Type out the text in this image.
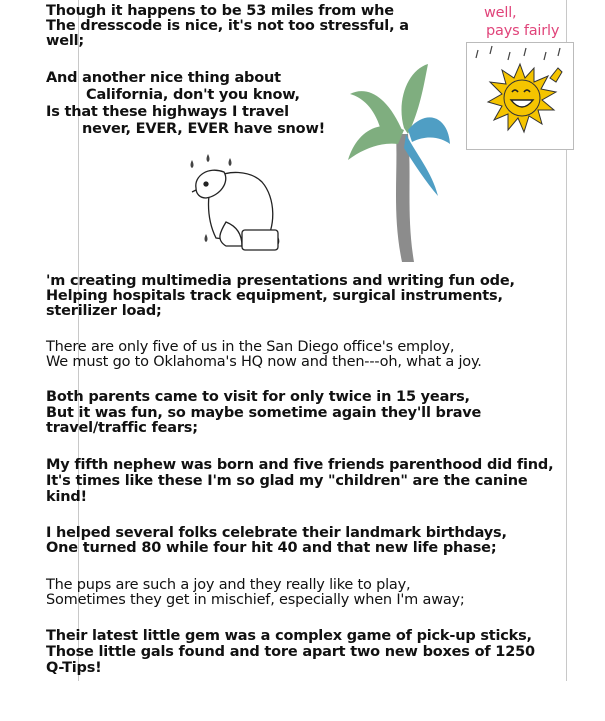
Though it happens to be 53 miles from whe
The dresscode is nice, it's not too stressful, a
well;
And another nice thing about
California, don't you know,
Is that these highways I travel
never, EVER, EVER have snow!
well,
pays fairly
'm creating multimedia presentations and writing fun ode,
Helping hospitals track equipment, surgical instruments,
sterilizer load;
There are only five of us in the San Diego office's employ,
We must go to Oklahoma's HQ now and then---oh, what a joy.
Both parents came to visit for only twice in 15 years,
But it was fun, so maybe sometime again they'll brave
travel/traffic fears;
My fifth nephew was born and five friends parenthood did find,
It's times like these I'm so glad my "children" are the canine
kind!
I helped several folks celebrate their landmark birthdays,
One turned 80 while four hit 40 and that new life phase;
The pups are such a joy and they really like to play,
Sometimes they get in mischief, especially when I'm away;
Their latest little gem was a complex game of pick-up sticks,
Those little gals found and tore apart two new boxes of 1250
Q-Tips!
